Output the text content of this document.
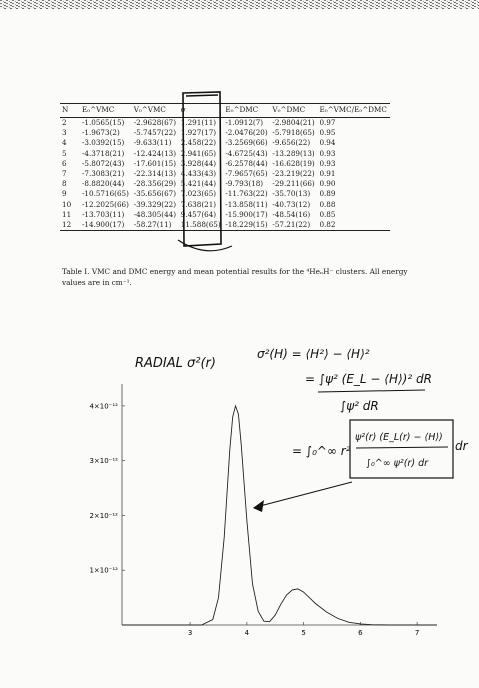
N	E₀^VMC	V₀^VMC	σ	E₀^DMC	V₀^DMC	E₀^VMC/E₀^DMC
2	-1.0565(15)	-2.9628(67)	1.291(11)	-1.0912(7)	-2.9804(21)	0.97
3	-1.9673(2)	-5.7457(22)	1.927(17)	-2.0476(20)	-5.7918(65)	0.95
4	-3.0392(15)	-9.633(11)	2.458(22)	-3.2569(66)	-9.656(22)	0.94
5	-4.3718(21)	-12.424(13)	2.941(65)	-4.6725(43)	-13.289(13)	0.93
6	-5.8072(43)	-17.601(15)	3.928(44)	-6.2578(44)	-16.628(19)	0.93
7	-7.3083(21)	-22.314(13)	4.433(43)	-7.9657(65)	-23.219(22)	0.91
8	-8.8820(44)	-28.356(29)	5.421(44)	-9.793(18)	-29.211(66)	0.90
9	-10.5716(65)	-35.656(67)	7.023(65)	-11.763(22)	-35.70(13)	0.89
10	-12.2025(66)	-39.329(22)	7.638(21)	-13.858(11)	-40.73(12)	0.88
11	-13.703(11)	-48.305(44)	9.457(64)	-15.900(17)	-48.54(16)	0.85
12	-14.900(17)	-58.27(11)	11.588(65)	-18.229(15)	-57.21(22)	0.82
Table I. VMC and DMC energy and mean potential results for the ⁴HeₙH⁻ clusters. All energy values are in cm⁻¹.
3	4	5	6	7
1×10⁻¹²
2×10⁻¹²
3×10⁻¹²
4×10⁻¹²
RADIAL σ²(r)
σ²(H) = ⟨H²⟩ − ⟨H⟩²
= ∫ψ² (E_L − ⟨H⟩)² dR
∫ψ² dR
= ∫₀^∞ r²
ψ²(r) (E_L(r) − ⟨H⟩)
∫₀^∞ ψ²(r) dr
dr
